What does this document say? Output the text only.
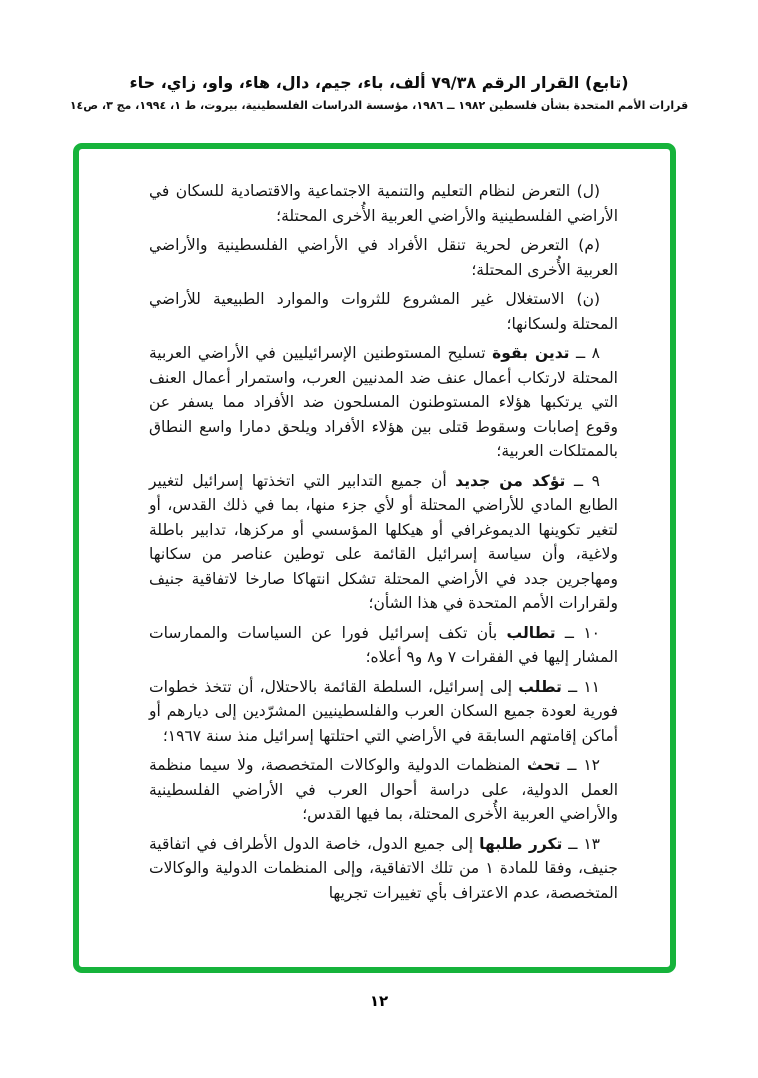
(تابع) القرار الرقم ٧٩/٣٨ ألف، باء، جيم، دال، هاء، واو، زاي، حاء
قرارات الأمم المتحدة بشأن فلسطين ١٩٨٢ ــ ١٩٨٦، مؤسسة الدراسات الفلسطينية، بيروت، ط ١، ١٩٩٤، مج ٣، ص١٤

(ل) التعرض لنظام التعليم والتنمية الاجتماعية والاقتصادية للسكان في الأراضي الفلسطينية والأراضي العربية الأُخرى المحتلة؛

(م) التعرض لحرية تنقل الأفراد في الأراضي الفلسطينية والأراضي العربية الأُخرى المحتلة؛

(ن) الاستغلال غير المشروع للثروات والموارد الطبيعية للأراضي المحتلة ولسكانها؛

٨ ــ تدين بقوة تسليح المستوطنين الإسرائيليين في الأراضي العربية المحتلة لارتكاب أعمال عنف ضد المدنيين العرب، واستمرار أعمال العنف التي يرتكبها هؤلاء المستوطنون المسلحون ضد الأفراد مما يسفر عن وقوع إصابات وسقوط قتلى بين هؤلاء الأفراد ويلحق دمارا واسع النطاق بالممتلكات العربية؛

٩ ــ تؤكد من جديد أن جميع التدابير التي اتخذتها إسرائيل لتغيير الطابع المادي للأراضي المحتلة أو لأي جزء منها، بما في ذلك القدس، أو لتغير تكوينها الديموغرافي أو هيكلها المؤسسي أو مركزها، تدابير باطلة ولاغية، وأن سياسة إسرائيل القائمة على توطين عناصر من سكانها ومهاجرين جدد في الأراضي المحتلة تشكل انتهاكا صارخا لاتفاقية جنيف ولقرارات الأمم المتحدة في هذا الشأن؛

١٠ ــ تطالب بأن تكف إسرائيل فورا عن السياسات والممارسات المشار إليها في الفقرات ٧ و٨ و٩ أعلاه؛

١١ ــ تطلب إلى إسرائيل، السلطة القائمة بالاحتلال، أن تتخذ خطوات فورية لعودة جميع السكان العرب والفلسطينيين المشرّدين إلى ديارهم أو أماكن إقامتهم السابقة في الأراضي التي احتلتها إسرائيل منذ سنة ١٩٦٧؛

١٢ ــ تحث المنظمات الدولية والوكالات المتخصصة، ولا سيما منظمة العمل الدولية، على دراسة أحوال العرب في الأراضي الفلسطينية والأراضي العربية الأُخرى المحتلة، بما فيها القدس؛

١٣ ــ تكرر طلبها إلى جميع الدول، خاصة الدول الأطراف في اتفاقية جنيف، وفقا للمادة ١ من تلك الاتفاقية، وإلى المنظمات الدولية والوكالات المتخصصة، عدم الاعتراف بأي تغييرات تجريها

١٢
